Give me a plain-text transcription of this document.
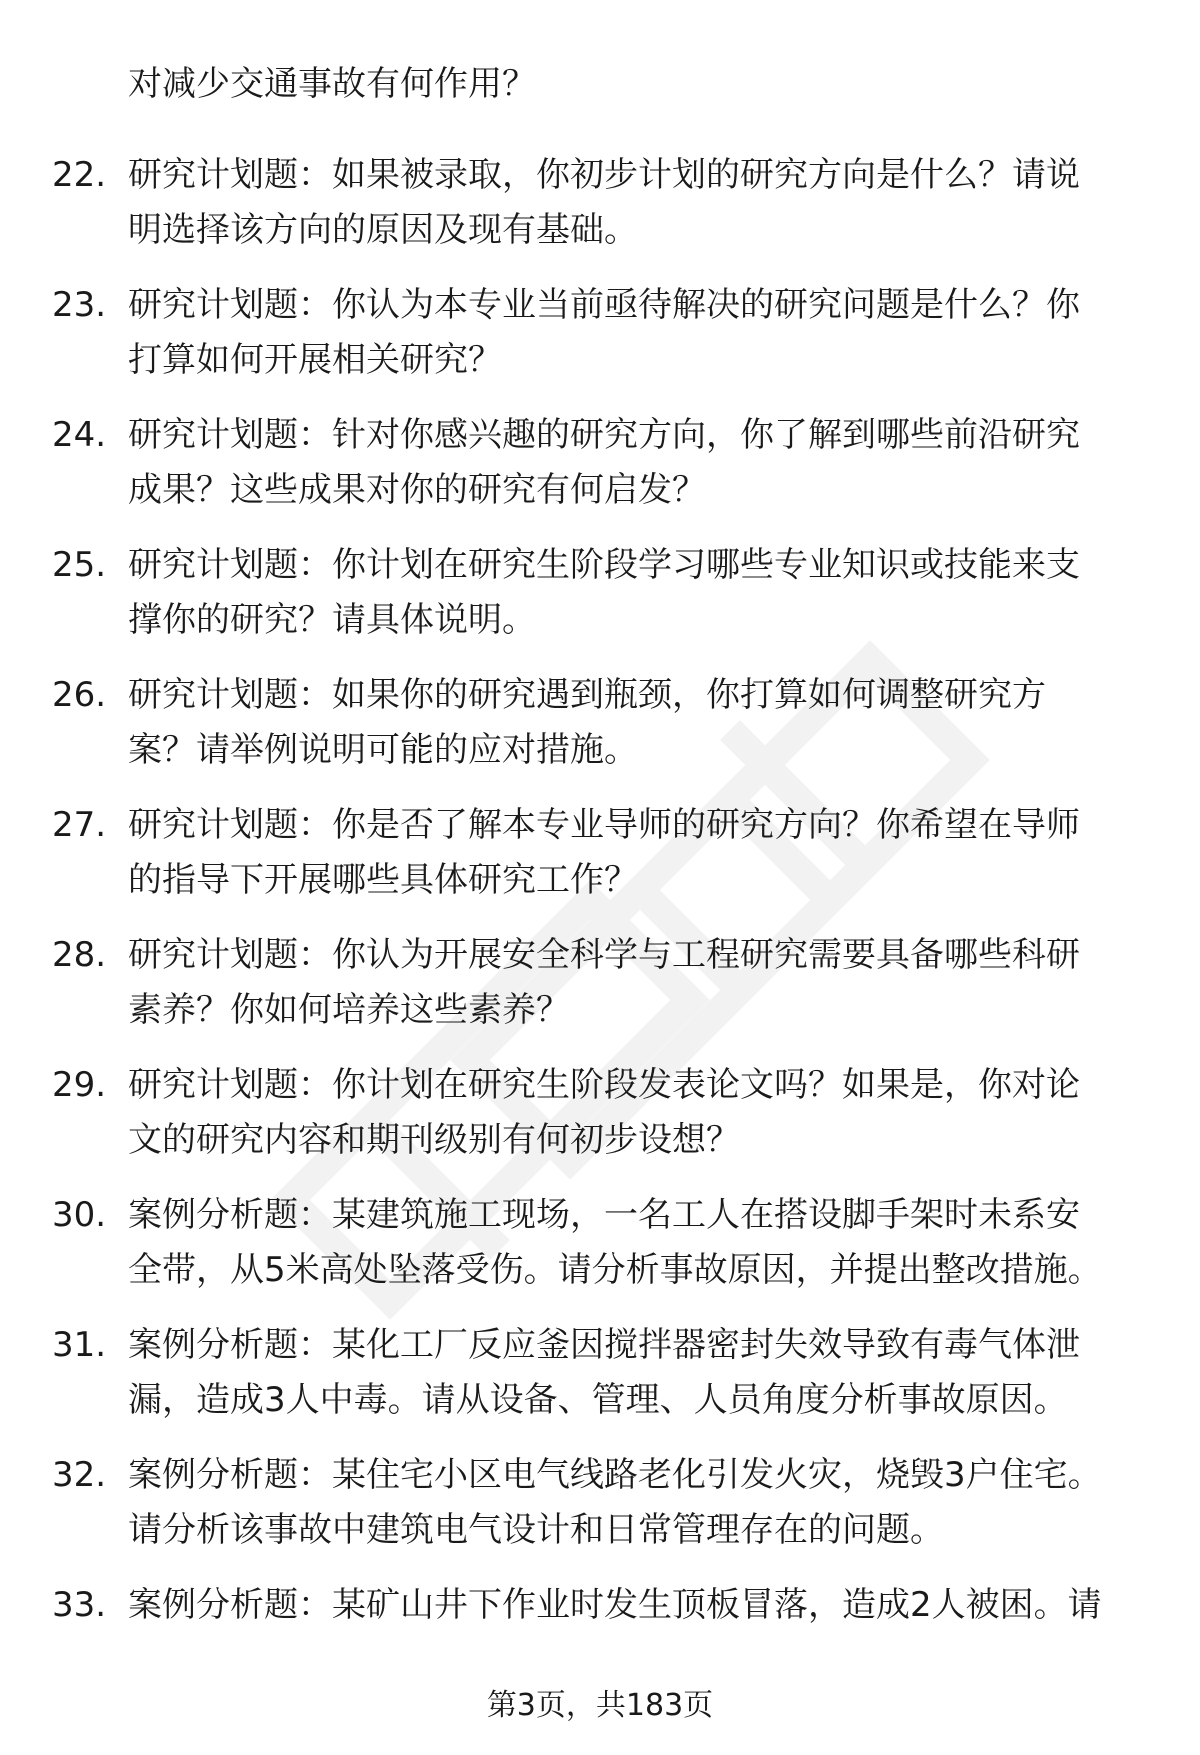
对减少交通事故有何作用？
22. 研究计划题：如果被录取，你初步计划的研究方向是什么？请说
明选择该方向的原因及现有基础。
23. 研究计划题：你认为本专业当前亟待解决的研究问题是什么？你
打算如何开展相关研究？
24. 研究计划题：针对你感兴趣的研究方向，你了解到哪些前沿研究
成果？这些成果对你的研究有何启发？
25. 研究计划题：你计划在研究生阶段学习哪些专业知识或技能来支
撑你的研究？请具体说明。
26. 研究计划题：如果你的研究遇到瓶颈，你打算如何调整研究方
案？请举例说明可能的应对措施。
27. 研究计划题：你是否了解本专业导师的研究方向？你希望在导师
的指导下开展哪些具体研究工作？
28. 研究计划题：你认为开展安全科学与工程研究需要具备哪些科研
素养？你如何培养这些素养？
29. 研究计划题：你计划在研究生阶段发表论文吗？如果是，你对论
文的研究内容和期刊级别有何初步设想？
30. 案例分析题：某建筑施工现场，一名工人在搭设脚手架时未系安
全带，从5米高处坠落受伤。请分析事故原因，并提出整改措施。
31. 案例分析题：某化工厂反应釜因搅拌器密封失效导致有毒气体泄
漏，造成3人中毒。请从设备、管理、人员角度分析事故原因。
32. 案例分析题：某住宅小区电气线路老化引发火灾，烧毁3户住宅。
请分析该事故中建筑电气设计和日常管理存在的问题。
33. 案例分析题：某矿山井下作业时发生顶板冒落，造成2人被困。请
第3页，共183页
